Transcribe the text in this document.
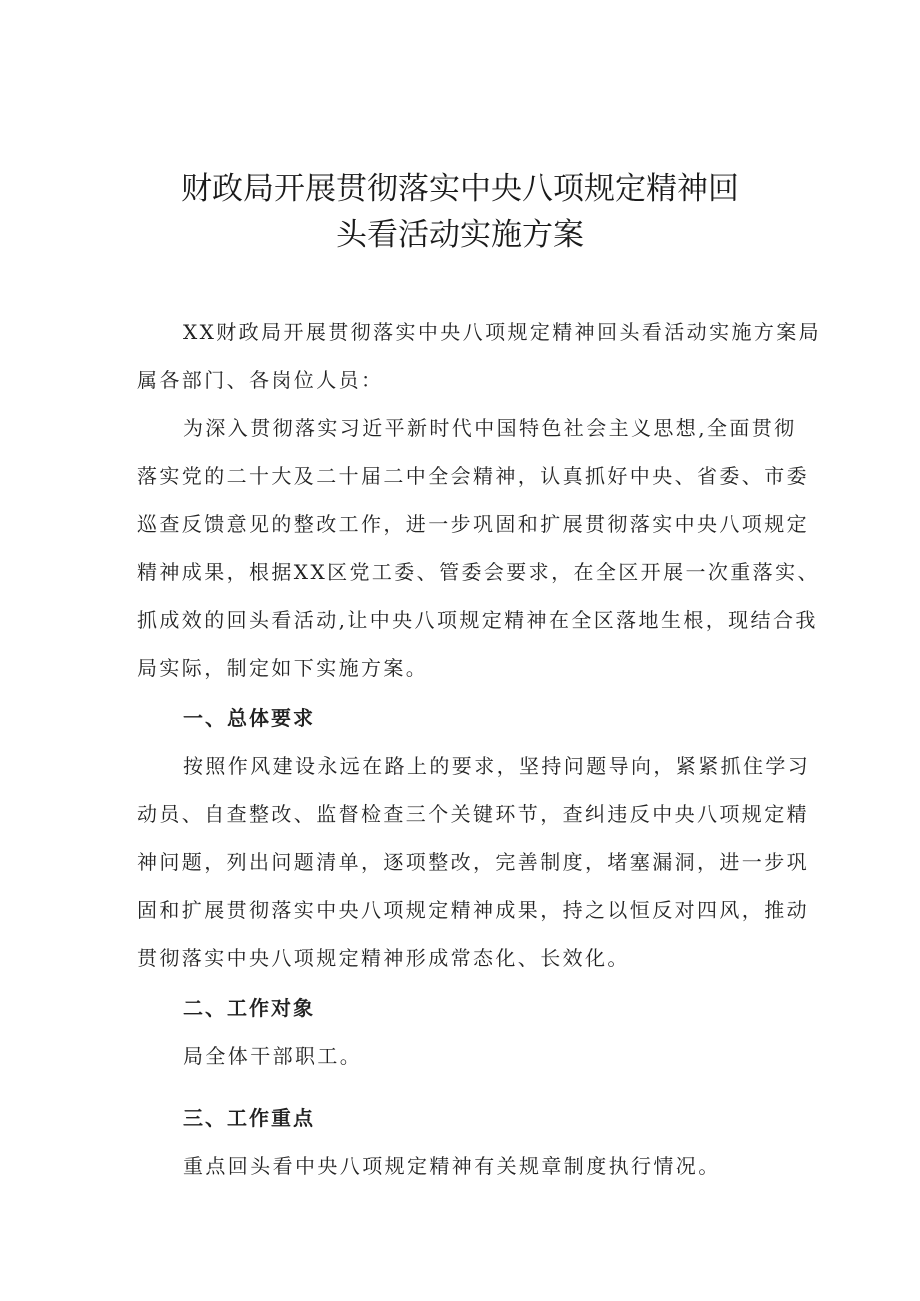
财政局开展贯彻落实中央八项规定精神回
头看活动实施方案
XX财政局开展贯彻落实中央八项规定精神回头看活动实施方案局
属各部门、各岗位人员：
为深入贯彻落实习近平新时代中国特色社会主义思想,全面贯彻
落实党的二十大及二十届二中全会精神，认真抓好中央、省委、市委
巡查反馈意见的整改工作，进一步巩固和扩展贯彻落实中央八项规定
精神成果，根据XX区党工委、管委会要求，在全区开展一次重落实、
抓成效的回头看活动,让中央八项规定精神在全区落地生根，现结合我
局实际，制定如下实施方案。
一、总体要求
按照作风建设永远在路上的要求，坚持问题导向，紧紧抓住学习
动员、自查整改、监督检查三个关键环节，查纠违反中央八项规定精
神问题，列出问题清单，逐项整改，完善制度，堵塞漏洞，进一步巩
固和扩展贯彻落实中央八项规定精神成果，持之以恒反对四风，推动
贯彻落实中央八项规定精神形成常态化、长效化。
二、工作对象
局全体干部职工。
三、工作重点
重点回头看中央八项规定精神有关规章制度执行情况。
